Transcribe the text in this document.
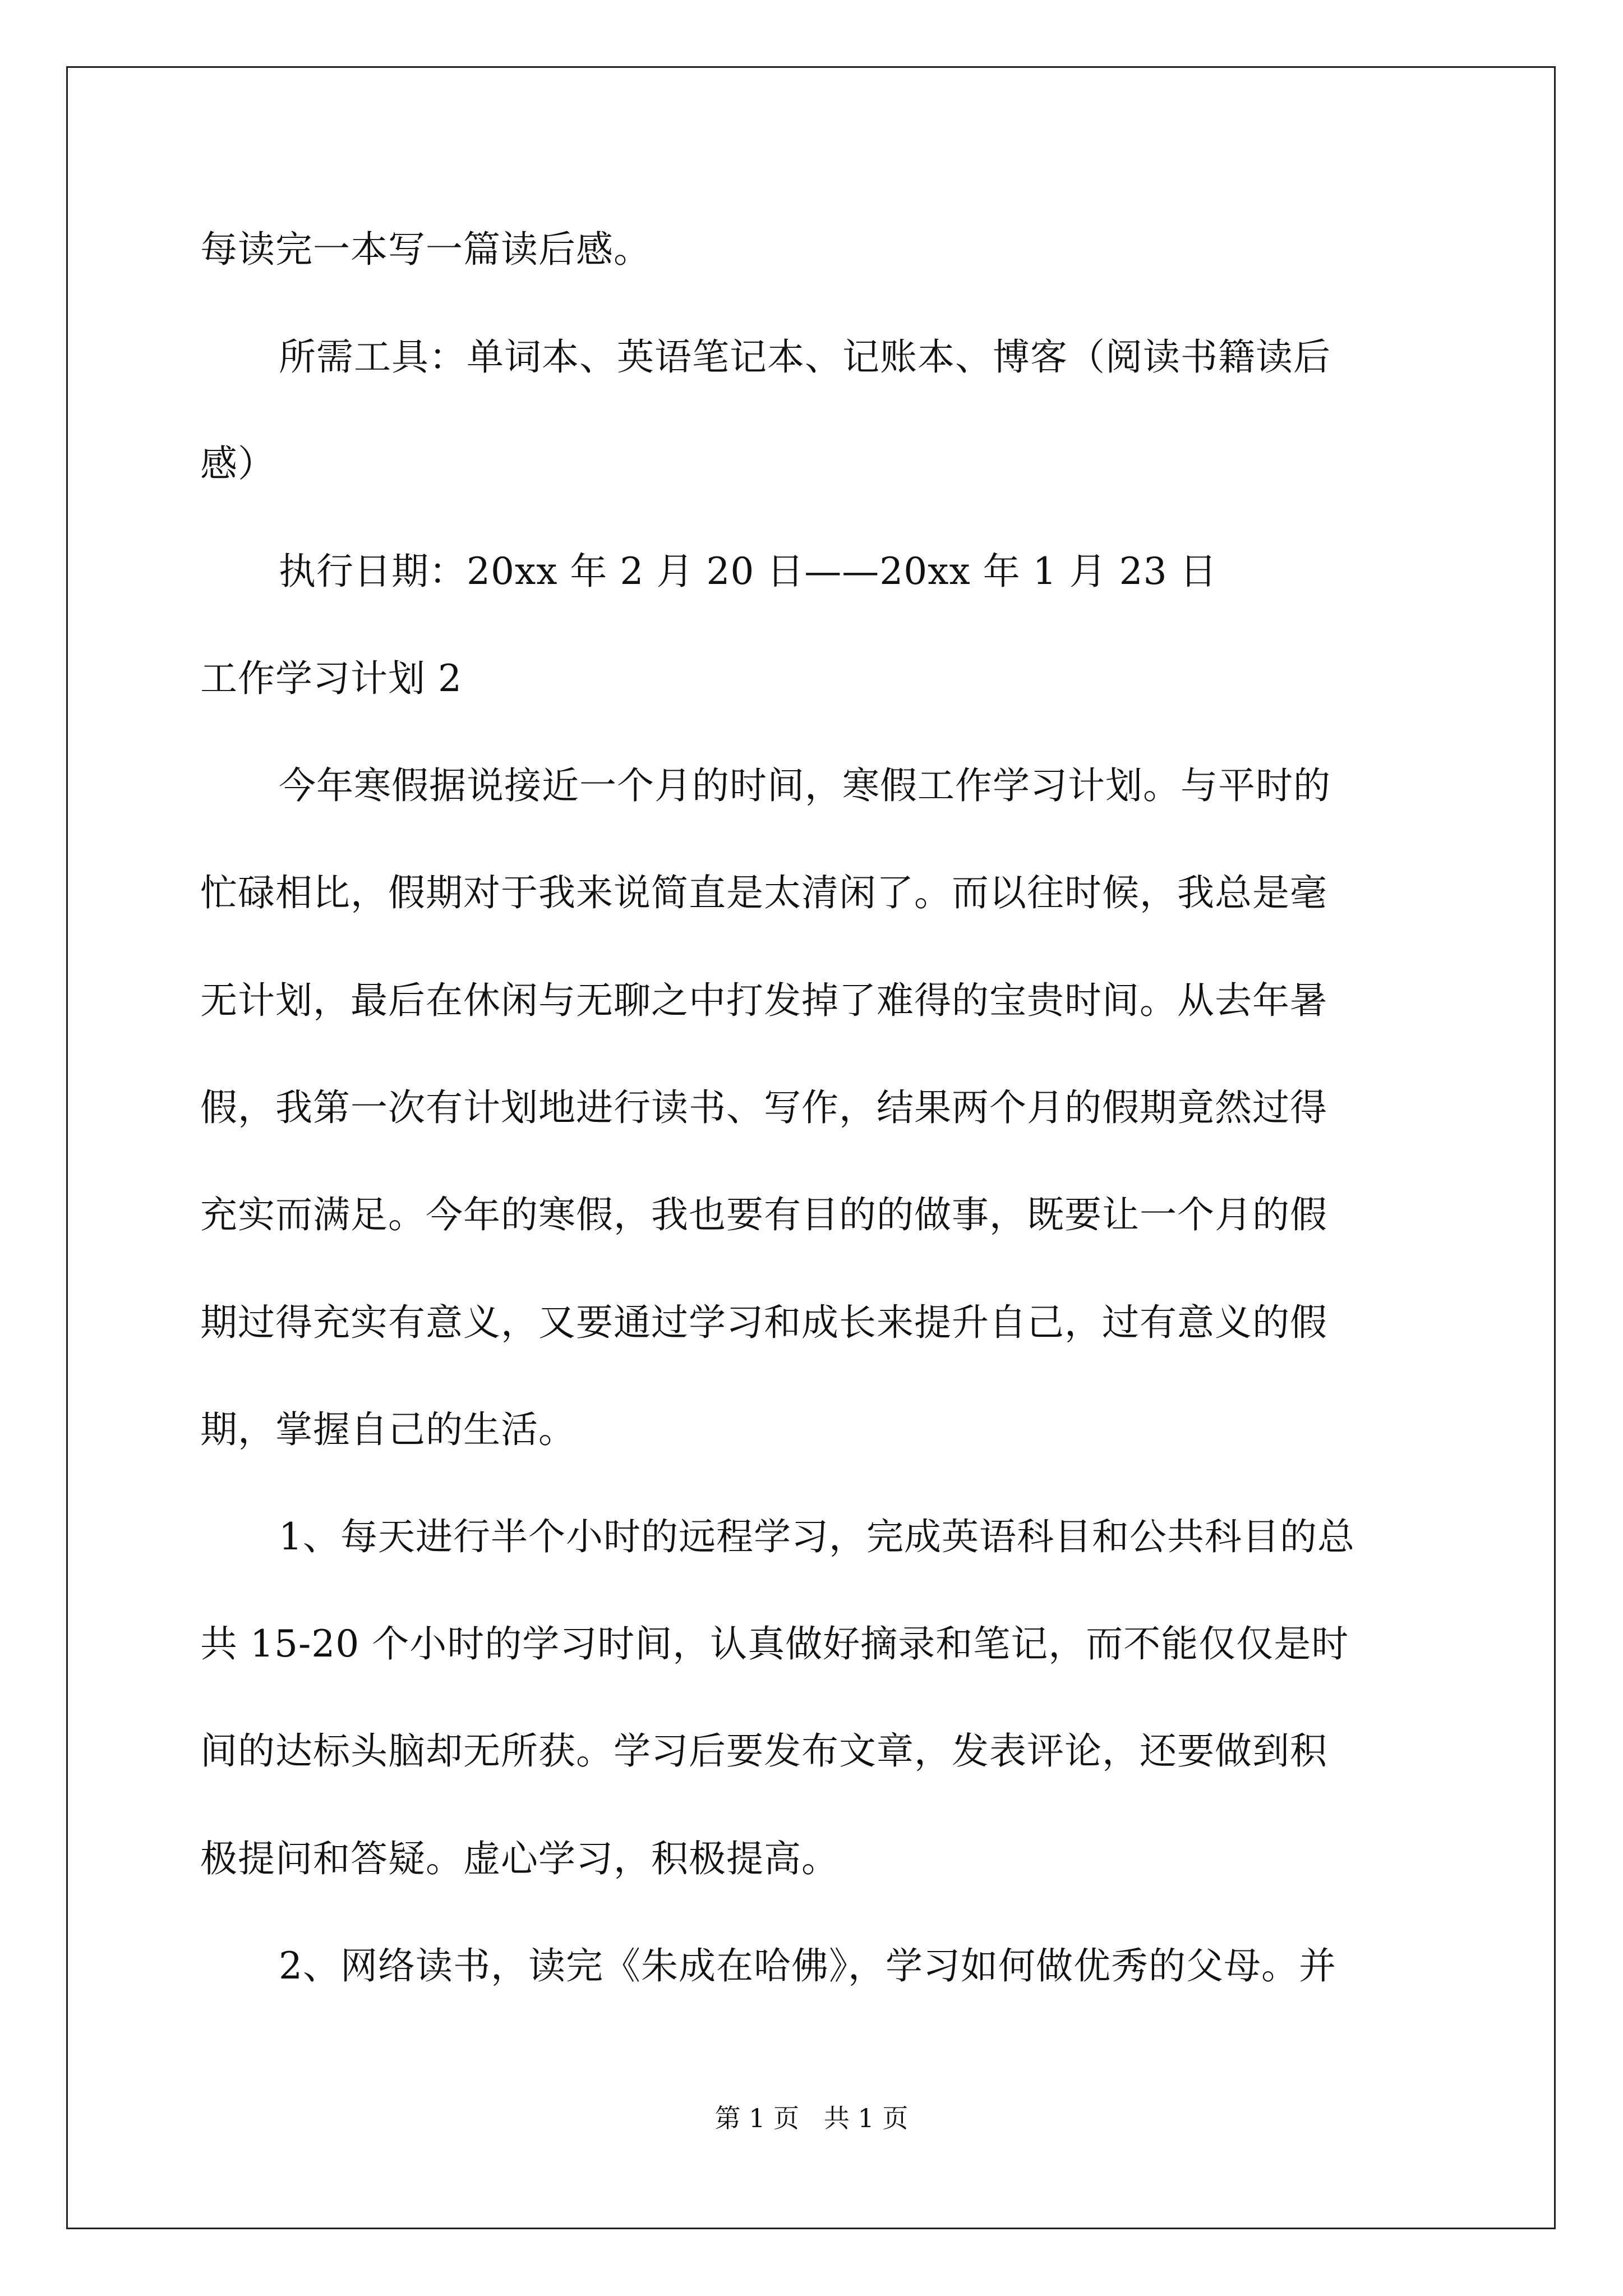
每读完一本写一篇读后感。
所需工具：单词本、英语笔记本、记账本、博客（阅读书籍读后
感）
执行日期：20xx 年 2 月 20 日——20xx 年 1 月 23 日
工作学习计划 2
今年寒假据说接近一个月的时间，寒假工作学习计划。与平时的
忙碌相比，假期对于我来说简直是太清闲了。而以往时候，我总是毫
无计划，最后在休闲与无聊之中打发掉了难得的宝贵时间。从去年暑
假，我第一次有计划地进行读书、写作，结果两个月的假期竟然过得
充实而满足。今年的寒假，我也要有目的的做事，既要让一个月的假
期过得充实有意义，又要通过学习和成长来提升自己，过有意义的假
期，掌握自己的生活。
1、每天进行半个小时的远程学习，完成英语科目和公共科目的总
共 15-20 个小时的学习时间，认真做好摘录和笔记，而不能仅仅是时
间的达标头脑却无所获。学习后要发布文章，发表评论，还要做到积
极提问和答疑。虚心学习，积极提高。
2、网络读书，读完《朱成在哈佛》，学习如何做优秀的父母。并
第 1 页   共 1 页
